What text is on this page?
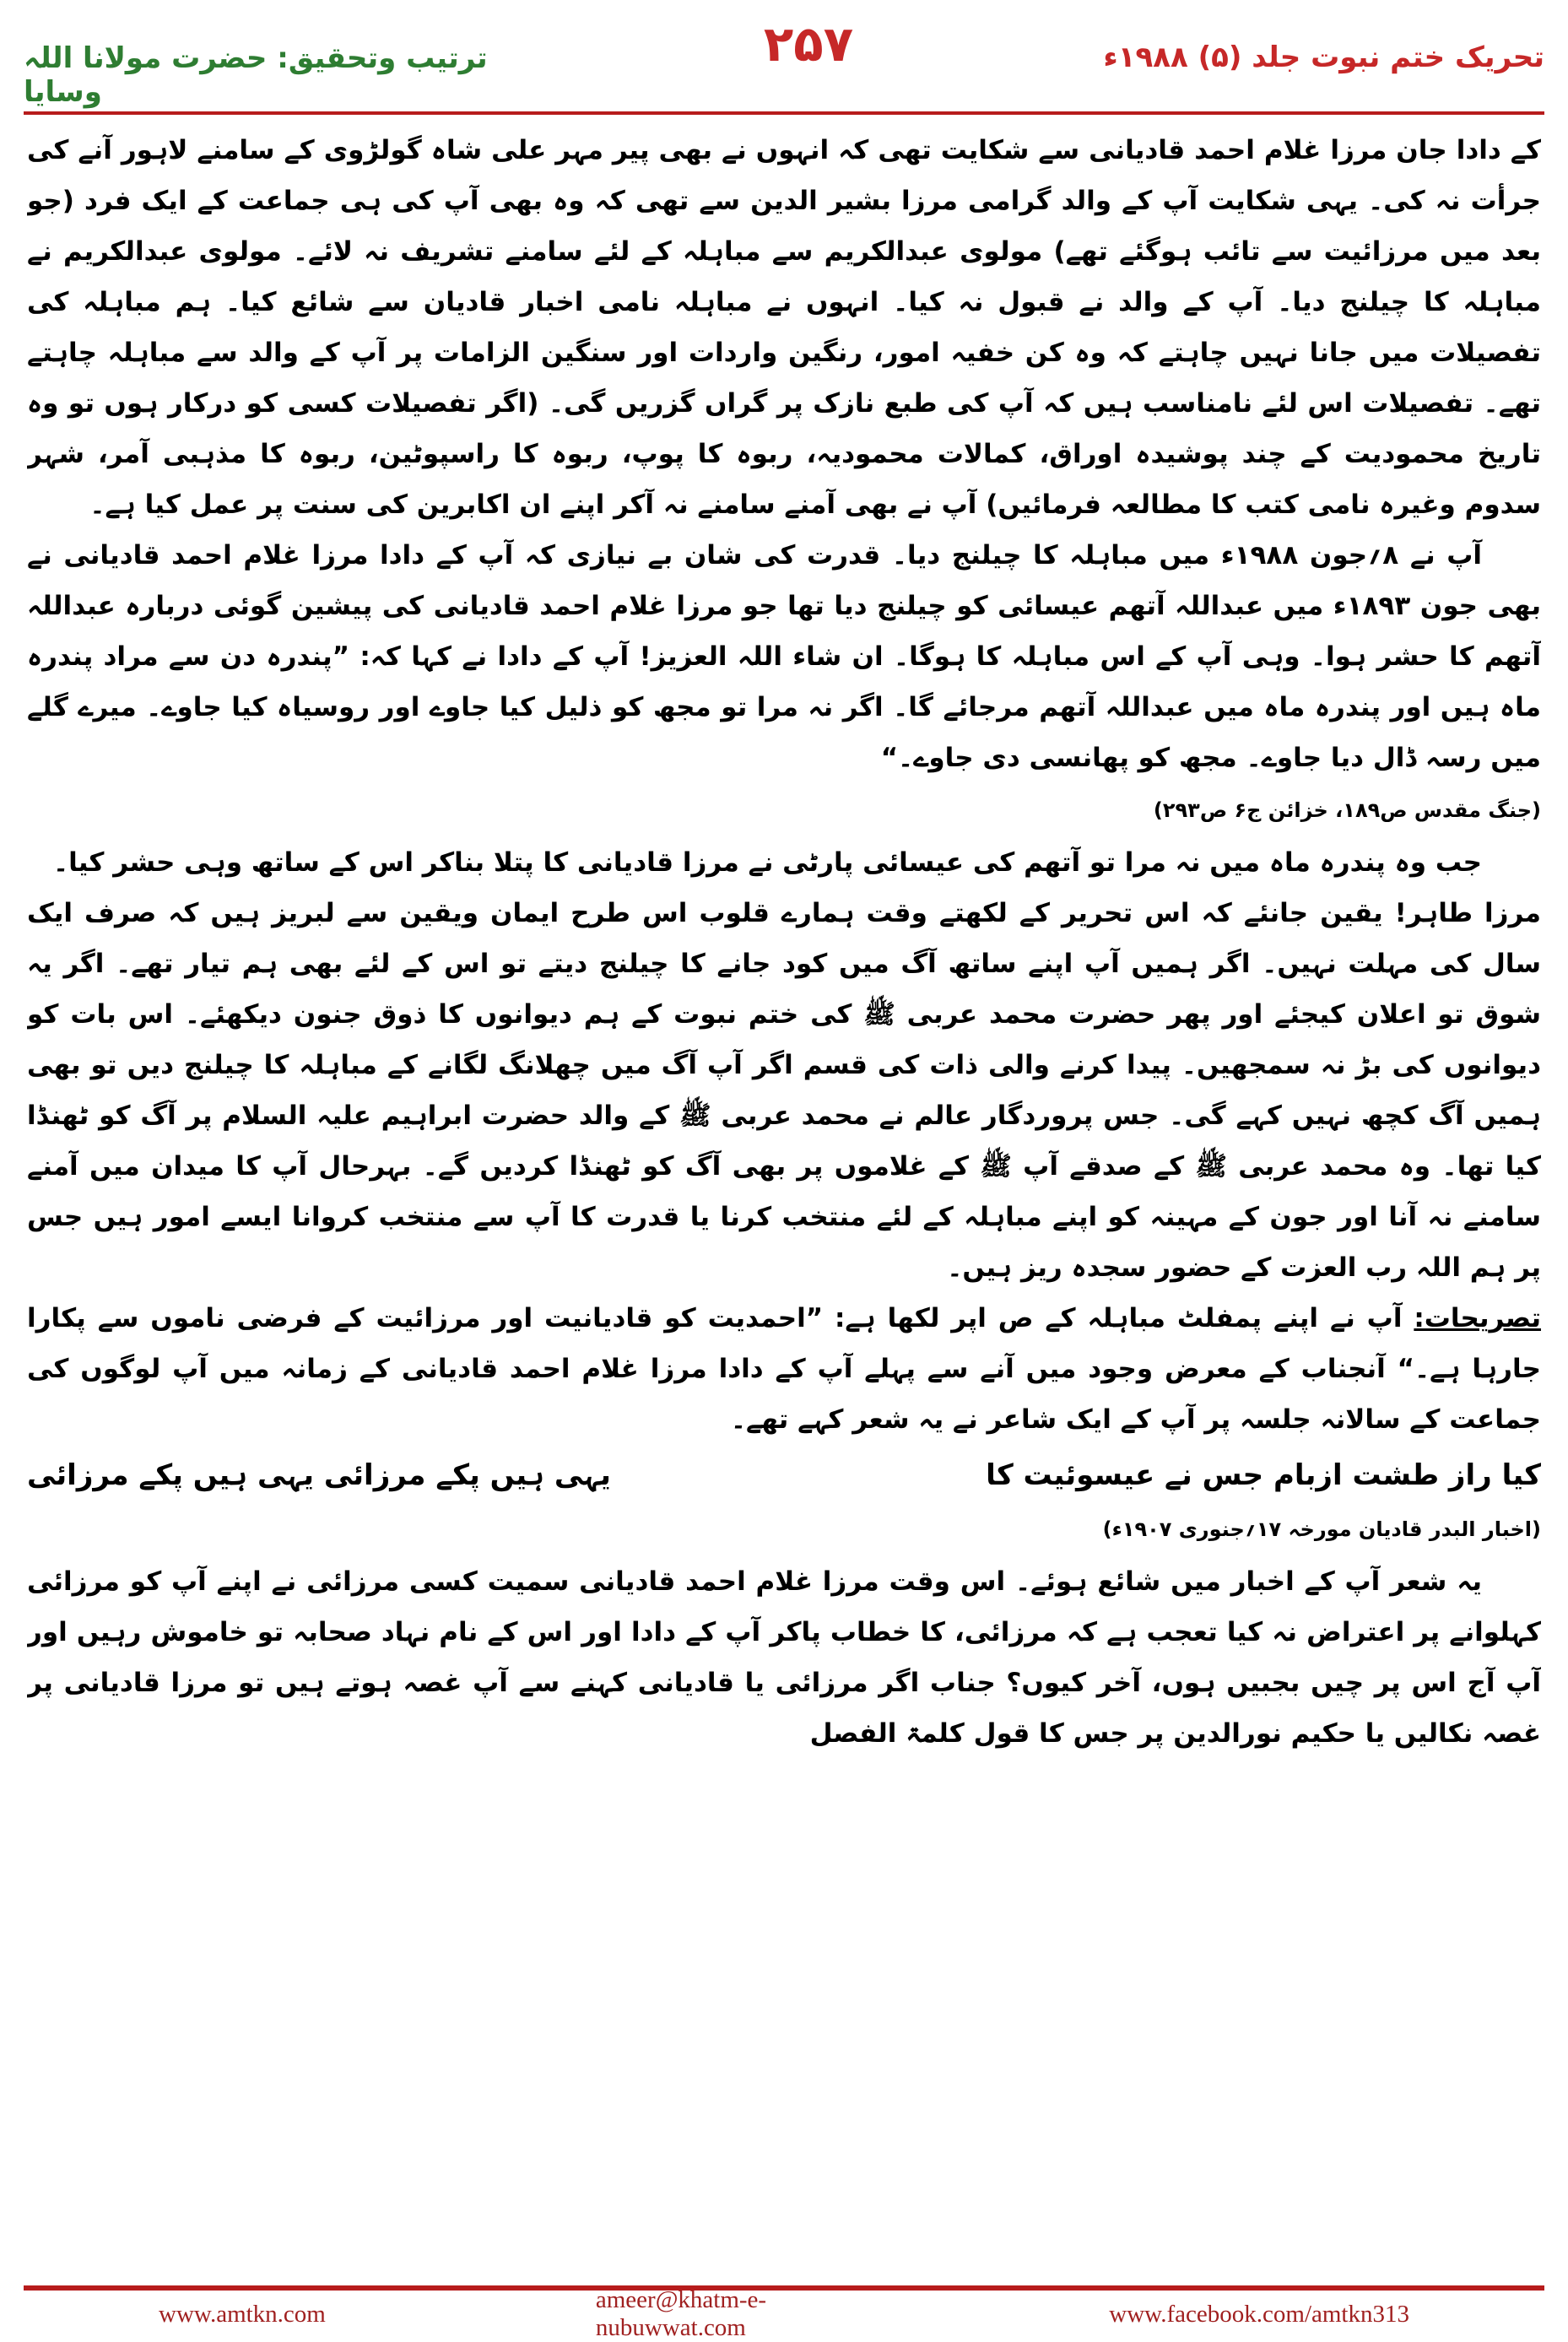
ترتیب وتحقیق: حضرت مولانا اللہ وسایا
۲۵۷	تحریک ختم نبوت جلد (۵) ۱۹۸۸ء

کے دادا جان مرزا غلام احمد قادیانی سے شکایت تھی کہ انہوں نے بھی پیر مہر علی شاہ گولڑوی کے سامنے لاہور آنے کی جرأت نہ کی۔ یہی شکایت آپ کے والد گرامی مرزا بشیر الدین سے تھی کہ وہ بھی آپ کی ہی جماعت کے ایک فرد (جو بعد میں مرزائیت سے تائب ہوگئے تھے) مولوی عبدالکریم سے مباہلہ کے لئے سامنے تشریف نہ لائے۔ مولوی عبدالکریم نے مباہلہ کا چیلنج دیا۔ آپ کے والد نے قبول نہ کیا۔ انہوں نے مباہلہ نامی اخبار قادیان سے شائع کیا۔ ہم مباہلہ کی تفصیلات میں جانا نہیں چاہتے کہ وہ کن خفیہ امور، رنگین واردات اور سنگین الزامات پر آپ کے والد سے مباہلہ چاہتے تھے۔ تفصیلات اس لئے نامناسب ہیں کہ آپ کی طبع نازک پر گراں گزریں گی۔ (اگر تفصیلات کسی کو درکار ہوں تو وہ تاریخ محمودیت کے چند پوشیدہ اوراق، کمالات محمودیہ، ربوہ کا پوپ، ربوہ کا راسپوٹین، ربوہ کا مذہبی آمر، شہر سدوم وغیرہ نامی کتب کا مطالعہ فرمائیں) آپ نے بھی آمنے سامنے نہ آکر اپنے ان اکابرین کی سنت پر عمل کیا ہے۔

آپ نے ۸؍جون ۱۹۸۸ء میں مباہلہ کا چیلنج دیا۔ قدرت کی شان بے نیازی کہ آپ کے دادا مرزا غلام احمد قادیانی نے بھی جون ۱۸۹۳ء میں عبداللہ آتھم عیسائی کو چیلنج دیا تھا جو مرزا غلام احمد قادیانی کی پیشین گوئی دربارہ عبداللہ آتھم کا حشر ہوا۔ وہی آپ کے اس مباہلہ کا ہوگا۔ ان شاء اللہ العزیز! آپ کے دادا نے کہا کہ: ”پندرہ دن سے مراد پندرہ ماہ ہیں اور پندرہ ماہ میں عبداللہ آتھم مرجائے گا۔ اگر نہ مرا تو مجھ کو ذلیل کیا جاوے اور روسیاہ کیا جاوے۔ میرے گلے میں رسہ ڈال دیا جاوے۔ مجھ کو پھانسی دی جاوے۔“

(جنگ مقدس ص۱۸۹، خزائن ج۶ ص۲۹۳)

جب وہ پندرہ ماہ میں نہ مرا تو آتھم کی عیسائی پارٹی نے مرزا قادیانی کا پتلا بناکر اس کے ساتھ وہی حشر کیا۔

مرزا طاہر! یقین جانئے کہ اس تحریر کے لکھتے وقت ہمارے قلوب اس طرح ایمان ویقین سے لبریز ہیں کہ صرف ایک سال کی مہلت نہیں۔ اگر ہمیں آپ اپنے ساتھ آگ میں کود جانے کا چیلنج دیتے تو اس کے لئے بھی ہم تیار تھے۔ اگر یہ شوق تو اعلان کیجئے اور پھر حضرت محمد عربی ﷺ کی ختم نبوت کے ہم دیوانوں کا ذوق جنون دیکھئے۔ اس بات کو دیوانوں کی بڑ نہ سمجھیں۔ پیدا کرنے والی ذات کی قسم اگر آپ آگ میں چھلانگ لگانے کے مباہلہ کا چیلنج دیں تو بھی ہمیں آگ کچھ نہیں کہے گی۔ جس پروردگار عالم نے محمد عربی ﷺ کے والد حضرت ابراہیم علیہ السلام پر آگ کو ٹھنڈا کیا تھا۔ وہ محمد عربی ﷺ کے صدقے آپ ﷺ کے غلاموں پر بھی آگ کو ٹھنڈا کردیں گے۔ بہرحال آپ کا میدان میں آمنے سامنے نہ آنا اور جون کے مہینہ کو اپنے مباہلہ کے لئے منتخب کرنا یا قدرت کا آپ سے منتخب کروانا ایسے امور ہیں جس پر ہم اللہ رب العزت کے حضور سجدہ ریز ہیں۔

تصریحات: آپ نے اپنے پمفلٹ مباہلہ کے ص اپر لکھا ہے: ”احمدیت کو قادیانیت اور مرزائیت کے فرضی ناموں سے پکارا جارہا ہے۔“ آنجناب کے معرض وجود میں آنے سے پہلے آپ کے دادا مرزا غلام احمد قادیانی کے زمانہ میں آپ لوگوں کی جماعت کے سالانہ جلسہ پر آپ کے ایک شاعر نے یہ شعر کہے تھے۔

کیا راز طشت ازبام جس نے عیسوئیت کا
یہی ہیں پکے مرزائی یہی ہیں پکے مرزائی

(اخبار البدر قادیان مورخہ ۱۷؍جنوری ۱۹۰۷ء)

یہ شعر آپ کے اخبار میں شائع ہوئے۔ اس وقت مرزا غلام احمد قادیانی سمیت کسی مرزائی نے اپنے آپ کو مرزائی کہلوانے پر اعتراض نہ کیا تعجب ہے کہ مرزائی، کا خطاب پاکر آپ کے دادا اور اس کے نام نہاد صحابہ تو خاموش رہیں اور آپ آج اس پر چیں بجبیں ہوں، آخر کیوں؟ جناب اگر مرزائی یا قادیانی کہنے سے آپ غصہ ہوتے ہیں تو مرزا قادیانی پر غصہ نکالیں یا حکیم نورالدین پر جس کا قول کلمۃ الفصل

www.amtkn.com
ameer@khatm-e-nubuwwat.com
www.facebook.com/amtkn313
